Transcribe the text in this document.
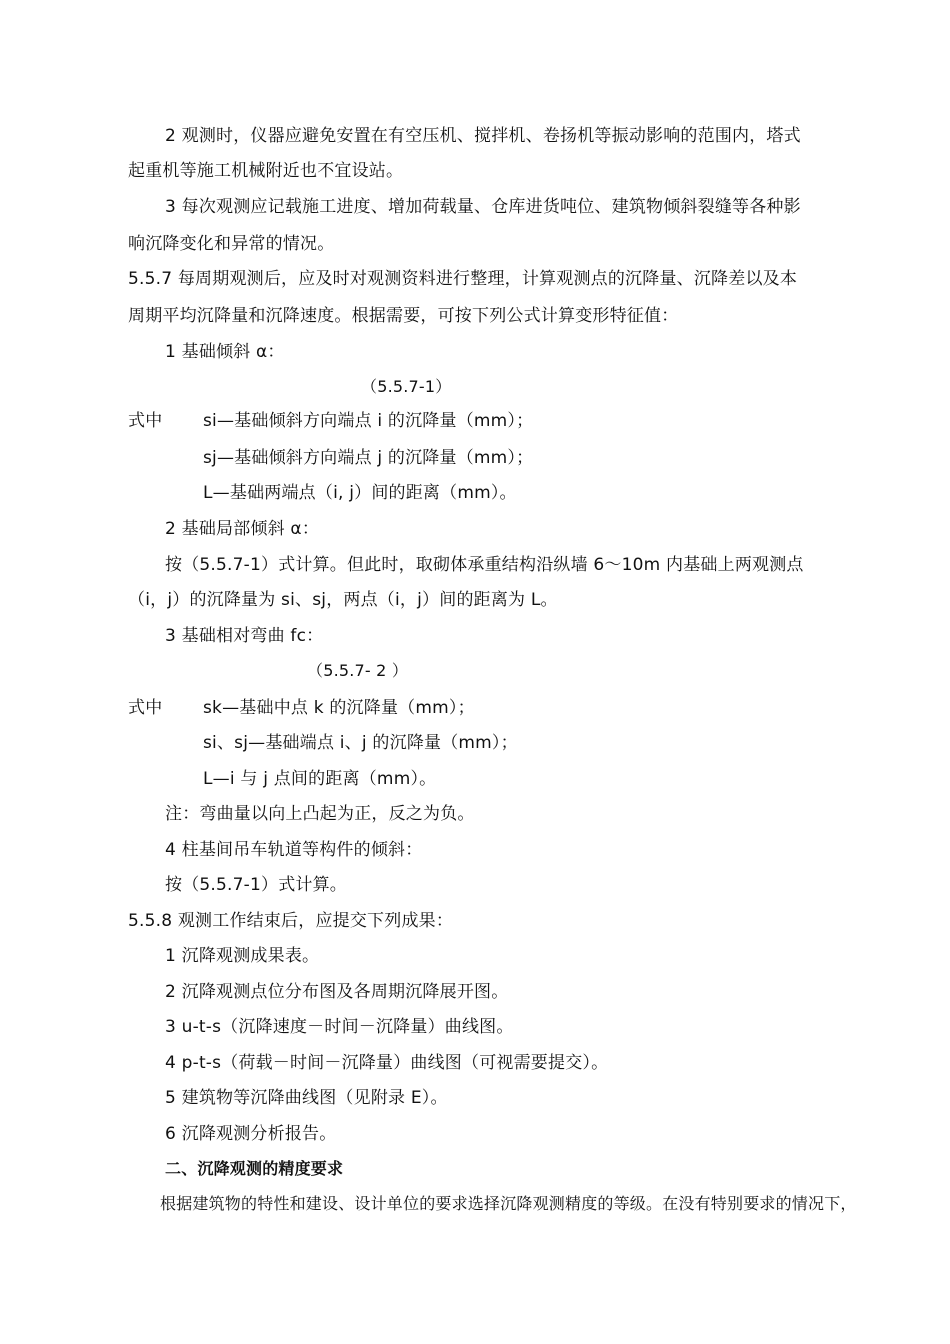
2 观测时，仪器应避免安置在有空压机、搅拌机、卷扬机等振动影响的范围内，塔式
起重机等施工机械附近也不宜设站。
3 每次观测应记载施工进度、增加荷载量、仓库进货吨位、建筑物倾斜裂缝等各种影
响沉降变化和异常的情况。
5.5.7 每周期观测后，应及时对观测资料进行整理，计算观测点的沉降量、沉降差以及本
周期平均沉降量和沉降速度。根据需要，可按下列公式计算变形特征值：
1 基础倾斜 α：
（5.5.7-1）
式中 si—基础倾斜方向端点 i 的沉降量（mm）；
sj—基础倾斜方向端点 j 的沉降量（mm）；
L—基础两端点（i, j）间的距离（mm）。
2 基础局部倾斜 α：
按（5.5.7-1）式计算。但此时，取砌体承重结构沿纵墙 6～10m 内基础上两观测点
（i，j）的沉降量为 si、sj，两点（i，j）间的距离为 L。
3 基础相对弯曲 fc：
（5.5.7- 2 ）
式中 sk—基础中点 k 的沉降量（mm）；
si、sj—基础端点 i、j 的沉降量（mm）；
L—i 与 j 点间的距离（mm）。
注：弯曲量以向上凸起为正，反之为负。
4 柱基间吊车轨道等构件的倾斜：
按（5.5.7-1）式计算。
5.5.8 观测工作结束后，应提交下列成果：
1 沉降观测成果表。
2 沉降观测点位分布图及各周期沉降展开图。
3 u-t-s（沉降速度－时间－沉降量）曲线图。
4 p-t-s（荷载－时间－沉降量）曲线图（可视需要提交）。
5 建筑物等沉降曲线图（见附录 E）。
6 沉降观测分析报告。
二、沉降观测的精度要求
根据建筑物的特性和建设、设计单位的要求选择沉降观测精度的等级。在没有特别要求的情况下，
